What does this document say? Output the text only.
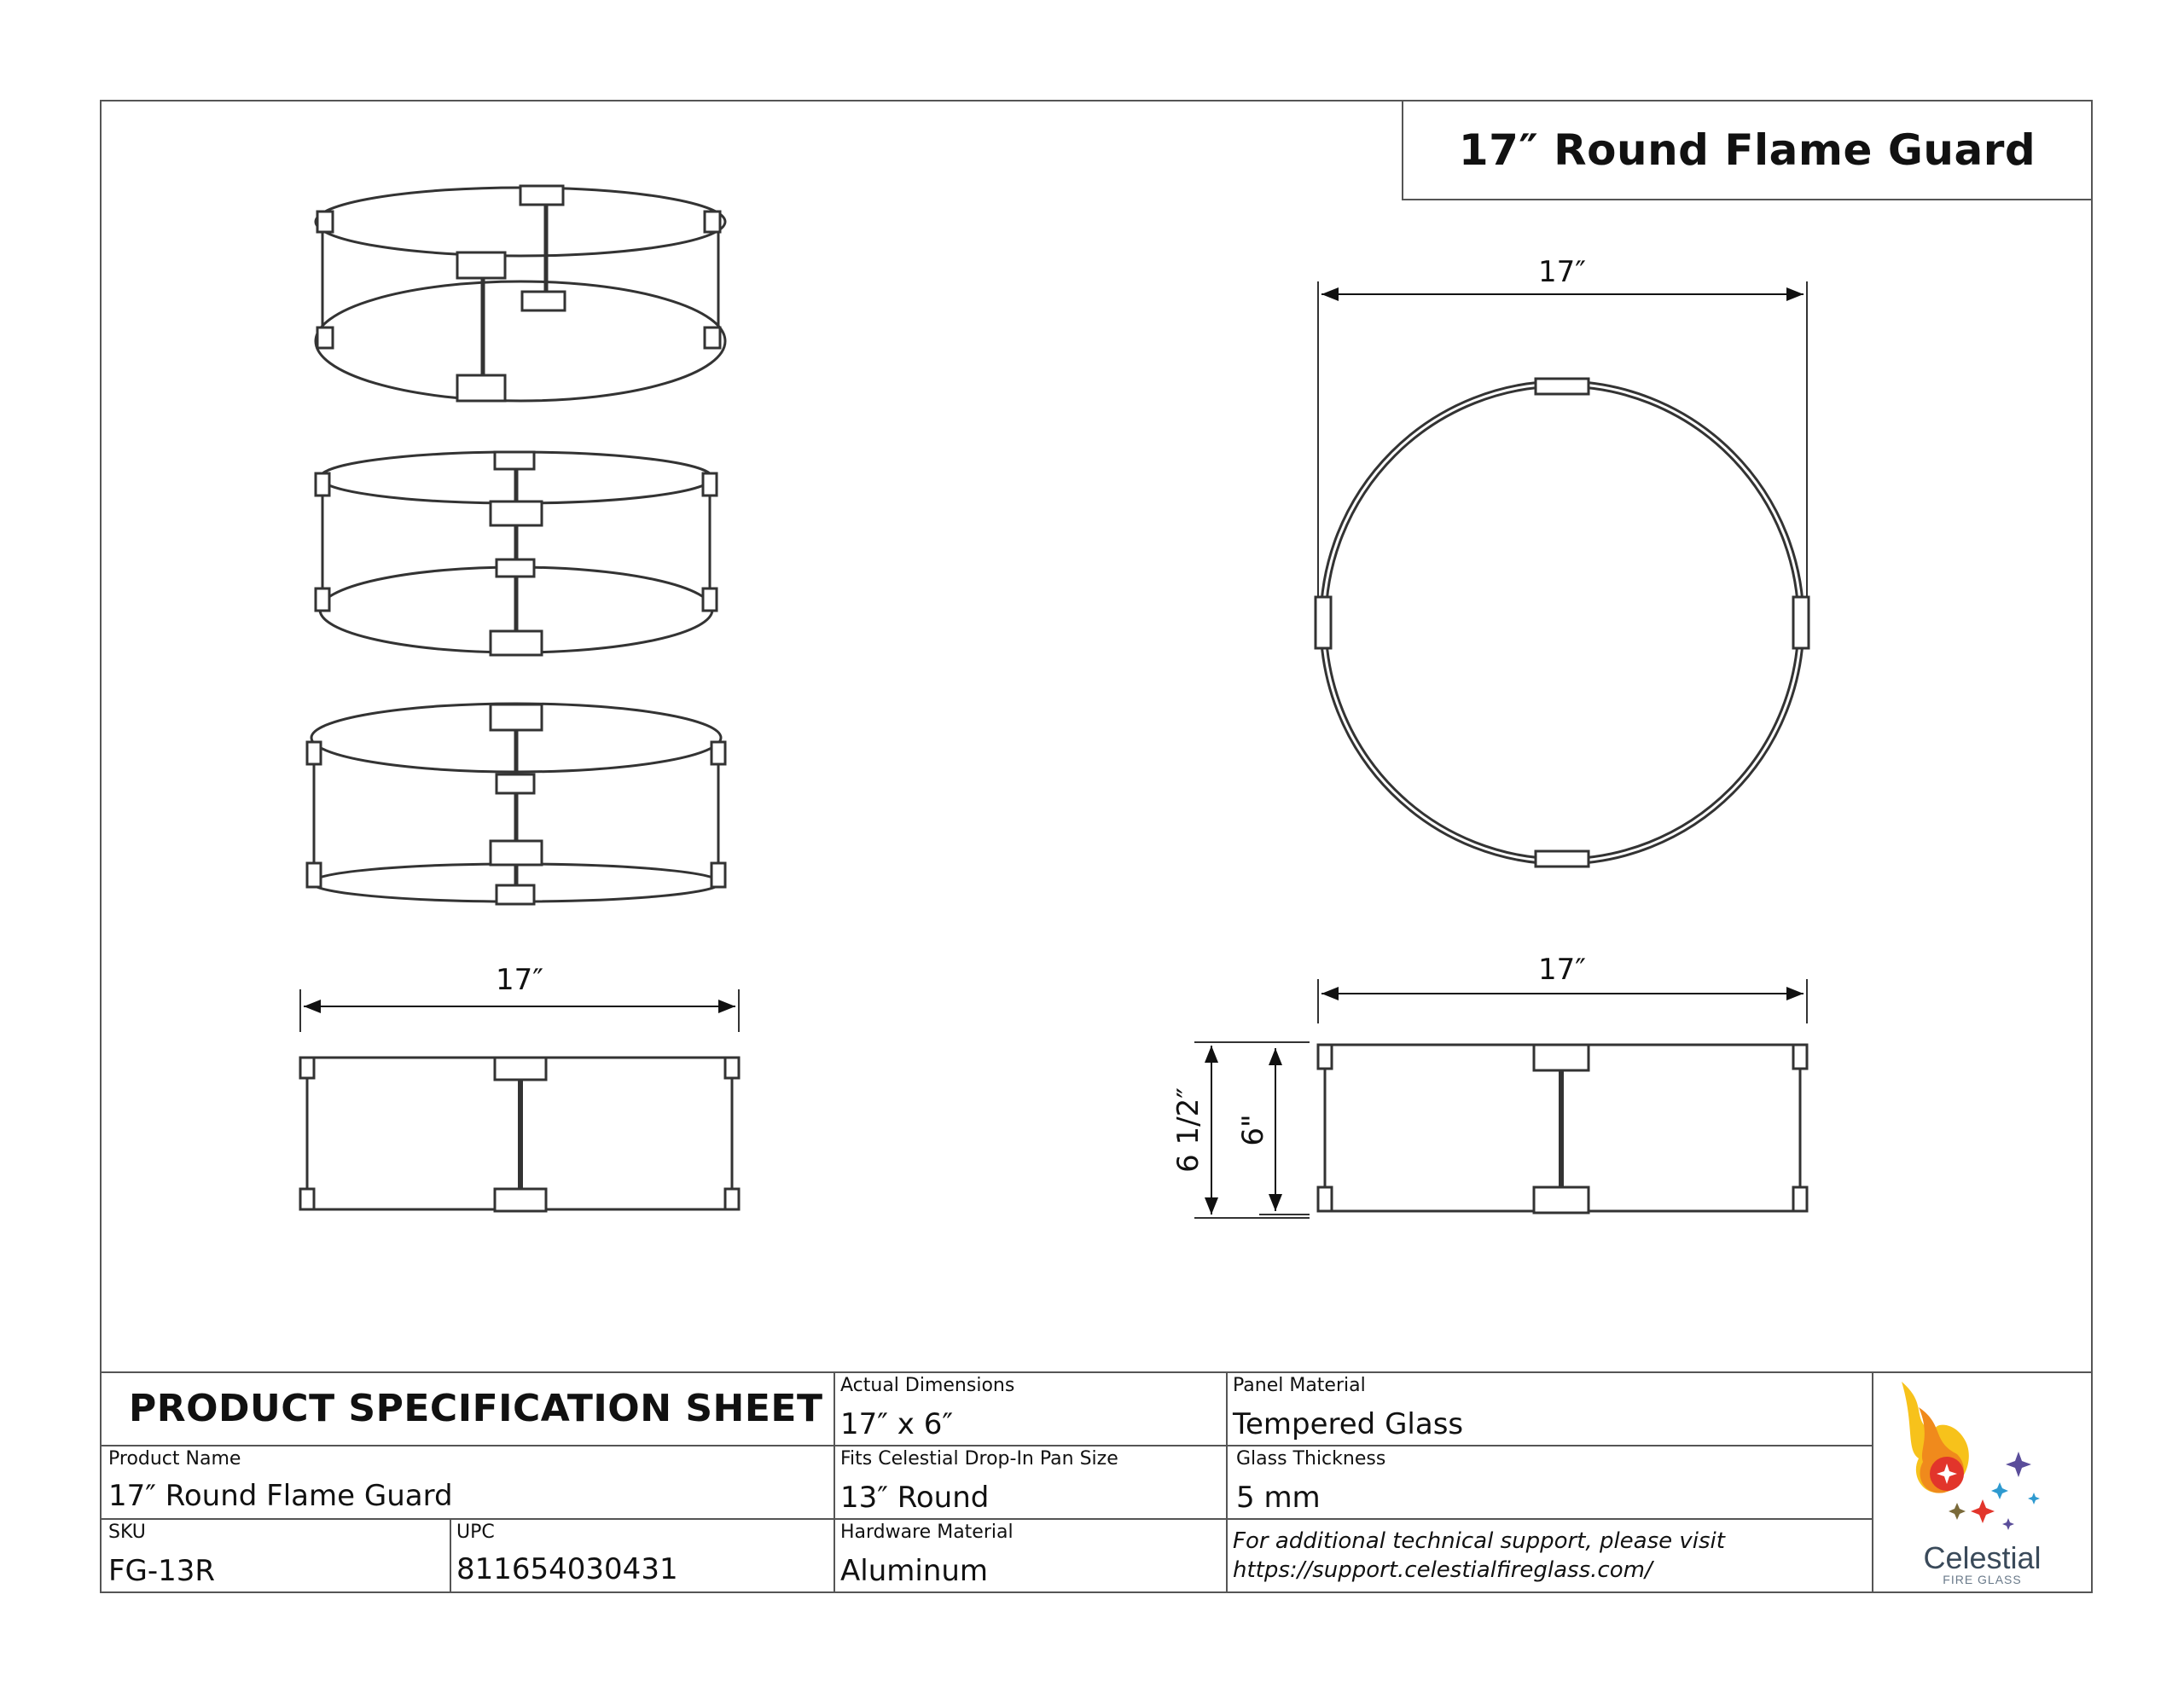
17″ Round Flame Guard
17″
17″
17″
6 1/2″ 6"
PRODUCT SPECIFICATION SHEET
Actual Dimensions
17″ x 6″
Panel Material
Tempered Glass
Product Name
17″ Round Flame Guard
Fits Celestial Drop-In Pan Size
13″ Round
Glass Thickness
5 mm
SKU
FG-13R
UPC
811654030431
Hardware Material
Aluminum
For additional technical support, please visit
https://support.celestialfireglass.com/	Celestial
FIRE GLASS
